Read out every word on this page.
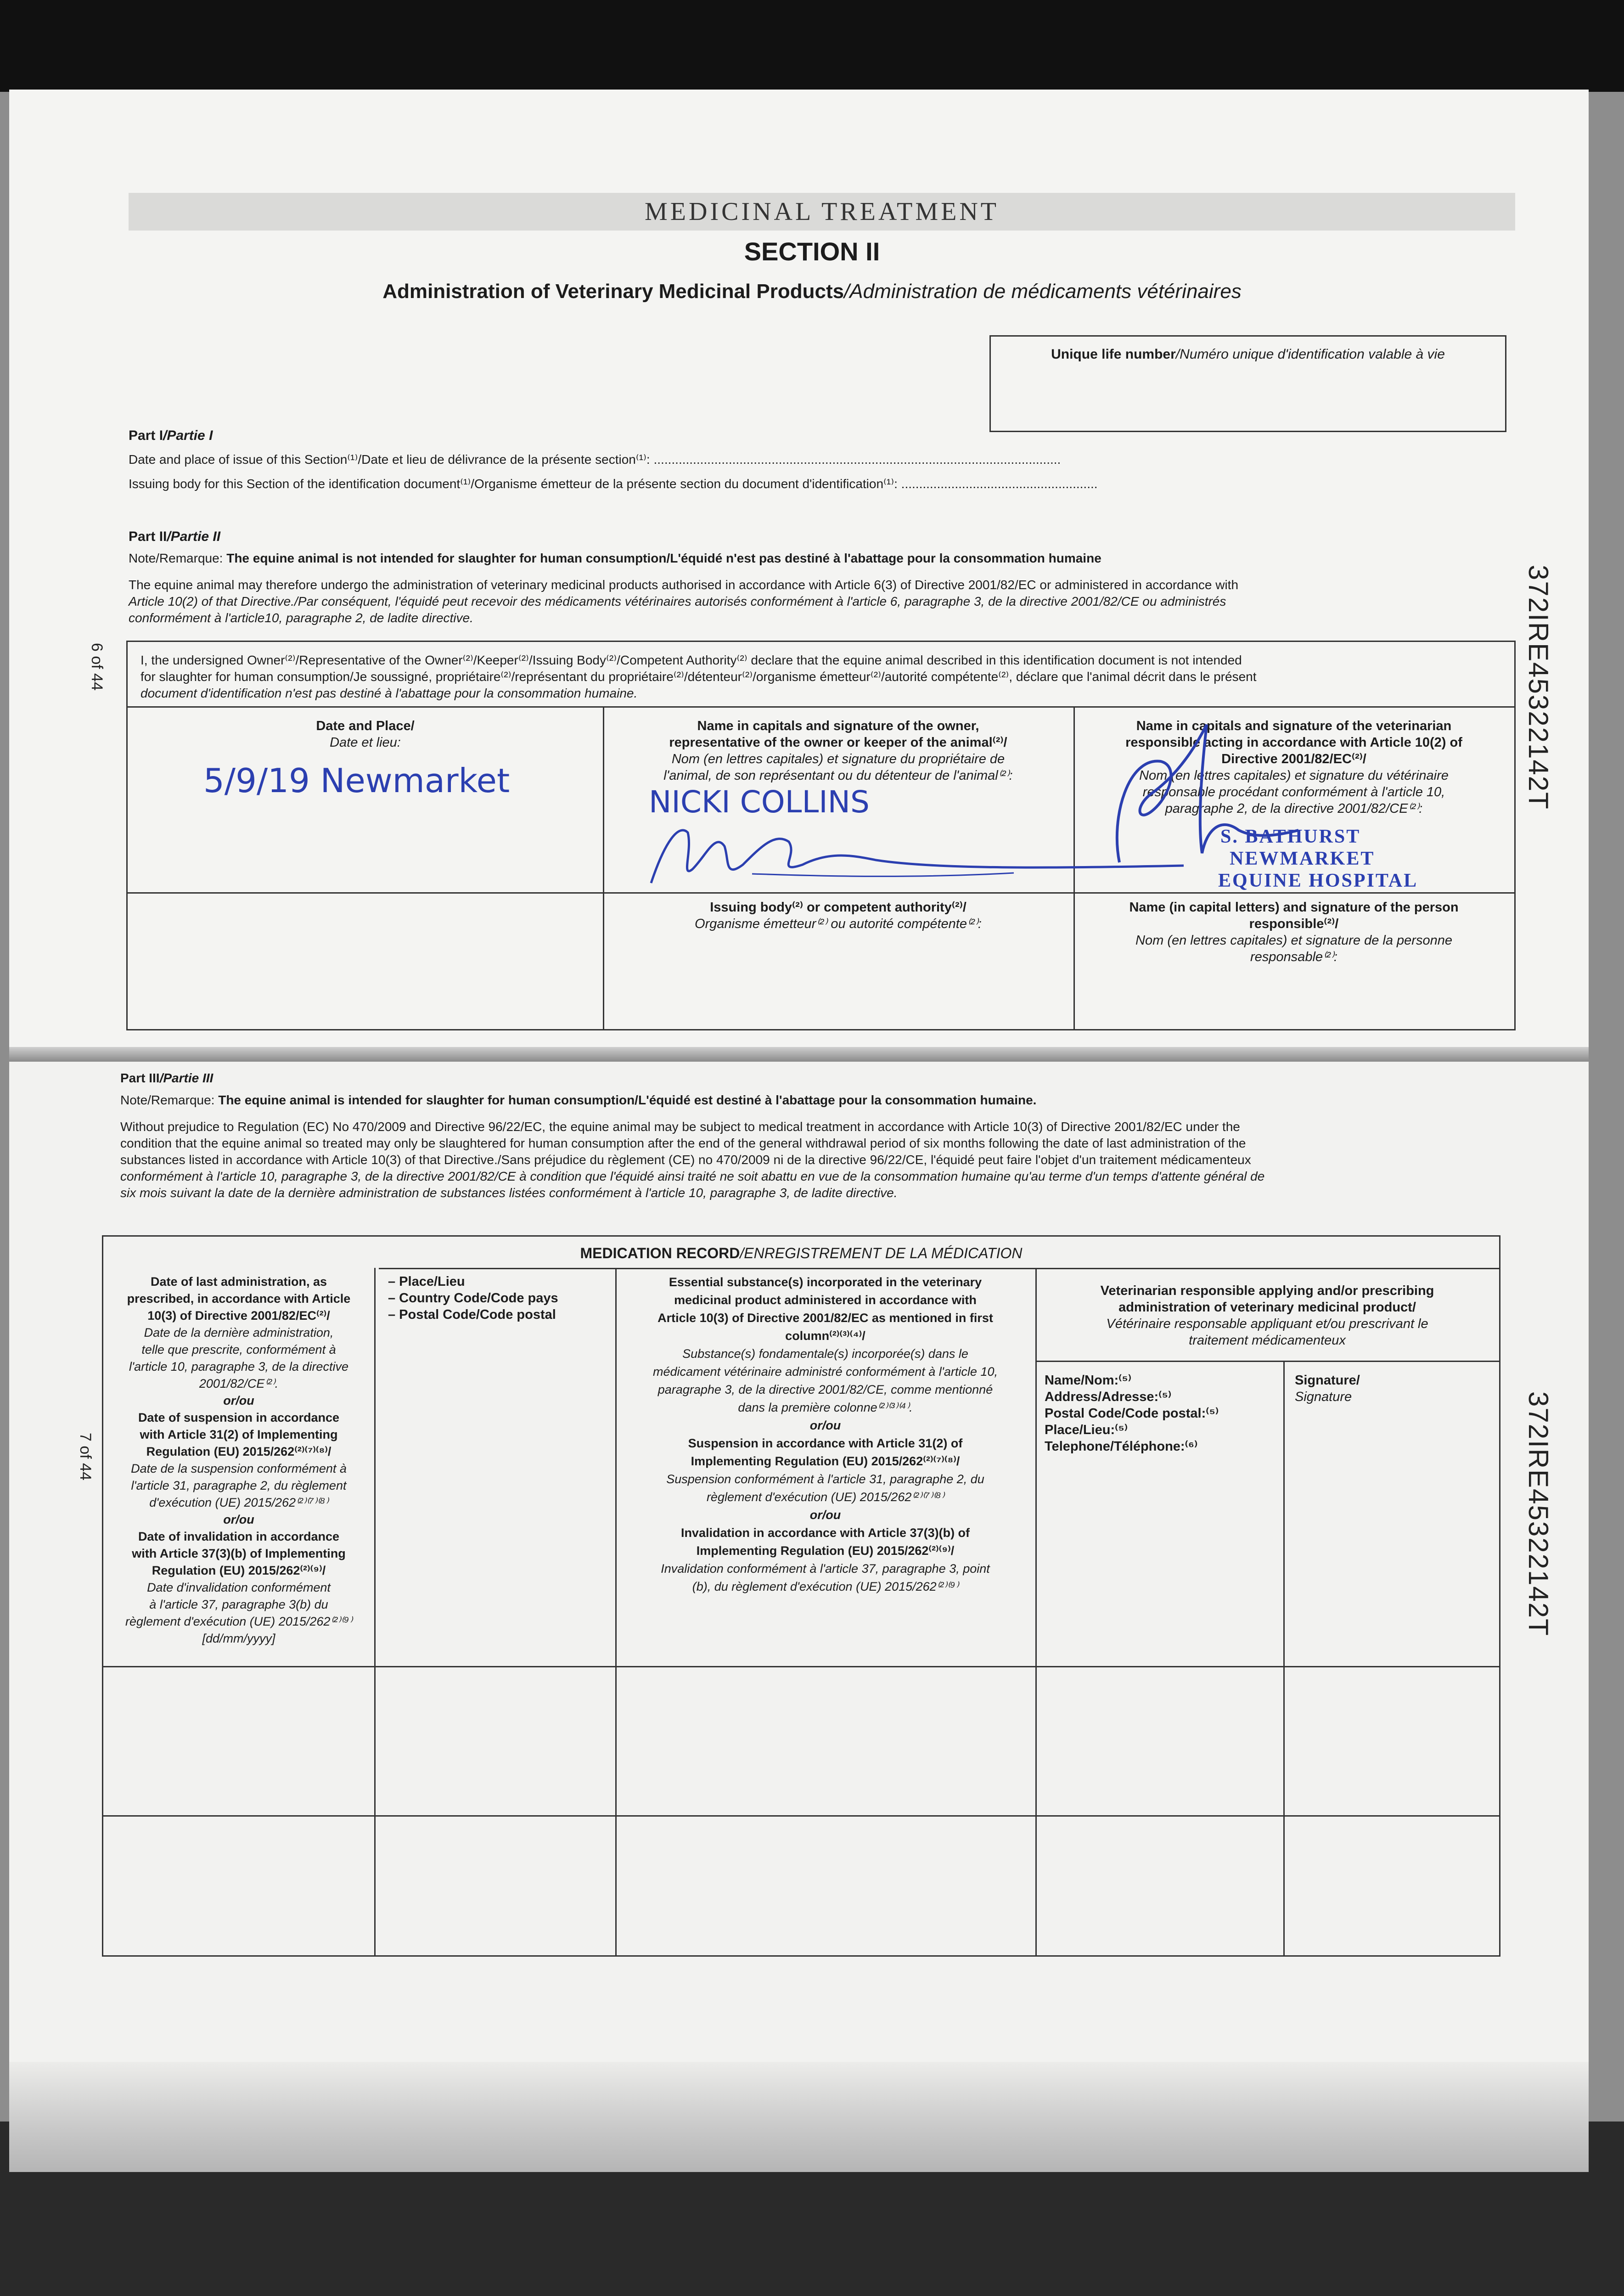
MEDICINAL TREATMENT
SECTION II
Administration of Veterinary Medicinal Products/Administration de médicaments vétérinaires
Unique life number/Numéro unique d'identification valable à vie
Part I/Partie I
Date and place of issue of this Section⁽¹⁾/Date et lieu de délivrance de la présente section⁽¹⁾: ..................................................................................................................
Issuing body for this Section of the identification document⁽¹⁾/Organisme émetteur de la présente section du document d'identification⁽¹⁾: .......................................................
Part II/Partie II
Note/Remarque: The equine animal is not intended for slaughter for human consumption/L'équidé n'est pas destiné à l'abattage pour la consommation humaine
The equine animal may therefore undergo the administration of veterinary medicinal products authorised in accordance with Article 6(3) of Directive 2001/82/EC or administered in accordance with
Article 10(2) of that Directive./Par conséquent, l'équidé peut recevoir des médicaments vétérinaires autorisés conformément à l'article 6, paragraphe 3, de la directive 2001/82/CE ou administrés
conformément à l'article10, paragraphe 2, de ladite directive.
I, the undersigned Owner⁽²⁾/Representative of the Owner⁽²⁾/Keeper⁽²⁾/Issuing Body⁽²⁾/Competent Authority⁽²⁾ declare that the equine animal described in this identification document is not intended
for slaughter for human consumption/Je soussigné, propriétaire⁽²⁾/représentant du propriétaire⁽²⁾/détenteur⁽²⁾/organisme émetteur⁽²⁾/autorité compétente⁽²⁾, déclare que l'animal décrit dans le présent
document d'identification n'est pas destiné à l'abattage pour la consommation humaine.
Date and Place/
Date et lieu:
Name in capitals and signature of the owner,
representative of the owner or keeper of the animal⁽²⁾/
Nom (en lettres capitales) et signature du propriétaire de
l'animal, de son représentant ou du détenteur de l'animal⁽²⁾:
Name in capitals and signature of the veterinarian
responsible acting in accordance with Article 10(2) of
Directive 2001/82/EC⁽²⁾/
Nom (en lettres capitales) et signature du vétérinaire
responsable procédant conformément à l'article 10,
paragraphe 2, de la directive 2001/82/CE⁽²⁾:
5/9/19 Newmarket
NICKI COLLINS
S. BATHURST
NEWMARKET
EQUINE HOSPITAL
Issuing body⁽²⁾ or competent authority⁽²⁾/
Organisme émetteur⁽²⁾ ou autorité compétente⁽²⁾:
Name (in capital letters) and signature of the person
responsible⁽²⁾/
Nom (en lettres capitales) et signature de la personne
responsable⁽²⁾:
372IRE45322142T
372IRE45322142T
6 of 44
7 of 44
Part III/Partie III
Note/Remarque: The equine animal is intended for slaughter for human consumption/L'équidé est destiné à l'abattage pour la consommation humaine.
Without prejudice to Regulation (EC) No 470/2009 and Directive 96/22/EC, the equine animal may be subject to medical treatment in accordance with Article 10(3) of Directive 2001/82/EC under the
condition that the equine animal so treated may only be slaughtered for human consumption after the end of the general withdrawal period of six months following the date of last administration of the
substances listed in accordance with Article 10(3) of that Directive./Sans préjudice du règlement (CE) no 470/2009 ni de la directive 96/22/CE, l'équidé peut faire l'objet d'un traitement médicamenteux
conformément à l'article 10, paragraphe 3, de la directive 2001/82/CE à condition que l'équidé ainsi traité ne soit abattu en vue de la consommation humaine qu'au terme d'un temps d'attente général de
six mois suivant la date de la dernière administration de substances listées conformément à l'article 10, paragraphe 3, de ladite directive.
MEDICATION RECORD/ENREGISTREMENT DE LA MÉDICATION
Date of last administration, as
prescribed, in accordance with Article
10(3) of Directive 2001/82/EC⁽²⁾/
Date de la dernière administration,
telle que prescrite, conformément à
l'article 10, paragraphe 3, de la directive
2001/82/CE⁽²⁾.
or/ou
Date of suspension in accordance
with Article 31(2) of Implementing
Regulation (EU) 2015/262⁽²⁾⁽⁷⁾⁽⁸⁾/
Date de la suspension conformément à
l'article 31, paragraphe 2, du règlement
d'exécution (UE) 2015/262⁽²⁾⁽⁷⁾⁽⁸⁾
or/ou
Date of invalidation in accordance
with Article 37(3)(b) of Implementing
Regulation (EU) 2015/262⁽²⁾⁽⁹⁾/
Date d'invalidation conformément
à l'article 37, paragraphe 3(b) du
règlement d'exécution (UE) 2015/262⁽²⁾⁽⁹⁾
[dd/mm/yyyy]
– Place/Lieu
– Country Code/Code pays
– Postal Code/Code postal
Essential substance(s) incorporated in the veterinary
medicinal product administered in accordance with
Article 10(3) of Directive 2001/82/EC as mentioned in first
column⁽²⁾⁽³⁾⁽⁴⁾/
Substance(s) fondamentale(s) incorporée(s) dans le
médicament vétérinaire administré conformément à l'article 10,
paragraphe 3, de la directive 2001/82/CE, comme mentionné
dans la première colonne⁽²⁾⁽³⁾⁽⁴⁾.
or/ou
Suspension in accordance with Article 31(2) of
Implementing Regulation (EU) 2015/262⁽²⁾⁽⁷⁾⁽⁸⁾/
Suspension conformément à l'article 31, paragraphe 2, du
règlement d'exécution (UE) 2015/262⁽²⁾⁽⁷⁾⁽⁸⁾
or/ou
Invalidation in accordance with Article 37(3)(b) of
Implementing Regulation (EU) 2015/262⁽²⁾⁽⁹⁾/
Invalidation conformément à l'article 37, paragraphe 3, point
(b), du règlement d'exécution (UE) 2015/262⁽²⁾⁽⁹⁾
Veterinarian responsible applying and/or prescribing
administration of veterinary medicinal product/
Vétérinaire responsable appliquant et/ou prescrivant le
traitement médicamenteux
Name/Nom:⁽⁵⁾
Address/Adresse:⁽⁵⁾
Postal Code/Code postal:⁽⁵⁾
Place/Lieu:⁽⁵⁾
Telephone/Téléphone:⁽⁶⁾
Signature/
Signature
